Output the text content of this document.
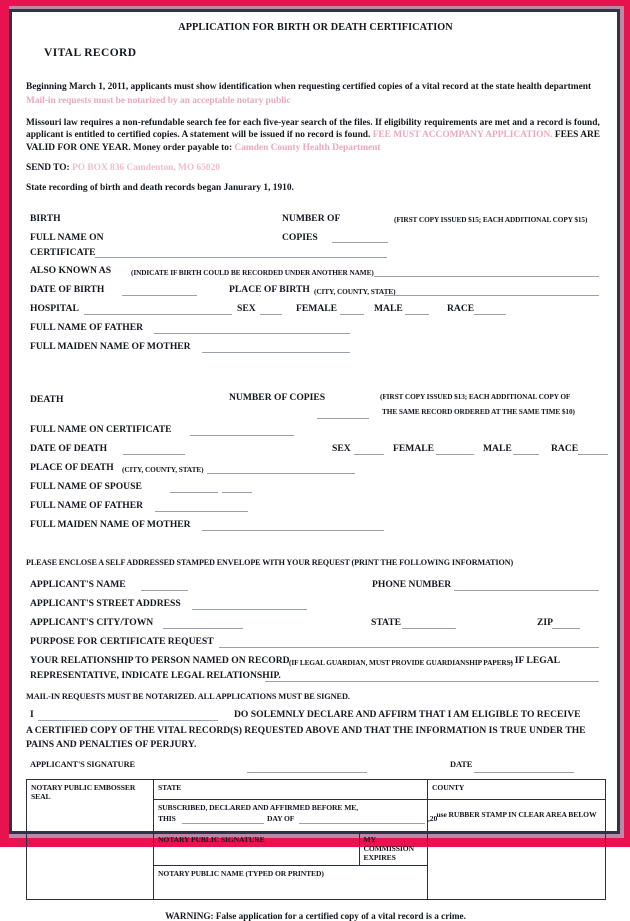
APPLICATION FOR BIRTH OR DEATH CERTIFICATION
VITAL RECORD
Beginning March 1, 2011, applicants must show identification when requesting certified copies of a vital record at the state health department
Mail-in requests must be notarized by an acceptable notary public
Missouri law requires a non-refundable search fee for each five-year search of the files. If eligibility requirements are met and a record is found, applicant is entitled to certified copies. A statement will be issued if no record is found. FEE MUST ACCOMPANY APPLICATION. FEES ARE VALID FOR ONE YEAR. Money order payable to: Camden County Health Department
SEND TO: PO BOX 836 Camdenton, MO 65020
State recording of birth and death records began Janurary 1, 1910.
BIRTH	NUMBER OF	(FIRST COPY ISSUED $15; EACH ADDITIONAL COPY $15)
FULL NAME ON	COPIES
CERTIFICATE
ALSO KNOWN AS	(INDICATE IF BIRTH COULD BE RECORDED UNDER ANOTHER NAME)
DATE OF BIRTH	PLACE OF BIRTH (CITY, COUNTY, STATE)
HOSPITAL	SEX	FEMALE	MALE	RACE
FULL NAME OF FATHER
FULL MAIDEN NAME OF MOTHER
DEATH	NUMBER OF COPIES	(FIRST COPY ISSUED $13; EACH ADDITIONAL COPY OF
THE SAME RECORD ORDERED AT THE SAME TIME $10)
FULL NAME ON CERTIFICATE
DATE OF DEATH	SEX	FEMALE	MALE	RACE
PLACE OF DEATH (CITY, COUNTY, STATE)
FULL NAME OF SPOUSE
FULL NAME OF FATHER
FULL MAIDEN NAME OF MOTHER
PLEASE ENCLOSE A SELF ADDRESSED STAMPED ENVELOPE WITH YOUR REQUEST (PRINT THE FOLLOWING INFORMATION)
APPLICANT'S NAME	PHONE NUMBER
APPLICANT'S STREET ADDRESS
APPLICANT'S CITY/TOWN	STATE	ZIP
PURPOSE FOR CERTIFICATE REQUEST
YOUR RELATIONSHIP TO PERSON NAMED ON RECORD (IF LEGAL GUARDIAN, MUST PROVIDE GUARDIANSHIP PAPERS)
. IF LEGAL
REPRESENTATIVE, INDICATE LEGAL RELATIONSHIP.
MAIL-IN REQUESTS MUST BE NOTARIZED. ALL APPLICATIONS MUST BE SIGNED.
I	DO SOLEMNLY DECLARE AND AFFIRM THAT I AM ELIGIBLE TO RECEIVE
A CERTIFIED COPY OF THE VITAL RECORD(S) REQUESTED ABOVE AND THAT THE INFORMATION IS TRUE UNDER THE
PAINS AND PENALTIES OF PERJURY.
APPLICANT'S SIGNATURE	DATE
NOTARY PUBLIC EMBOSSER SEAL	STATE	COUNTY

SUBSCRIBED, DECLARED AND AFFIRMED BEFORE ME,
THIS	DAY OF	,20	use RUBBER STAMP IN CLEAR AREA BELOW

NOTARY PUBLIC SIGNATURE	MY COMMISSION
EXPIRES

NOTARY PUBLIC NAME (TYPED OR PRINTED)
WARNING: False application for a certified copy of a vital record is a crime.
